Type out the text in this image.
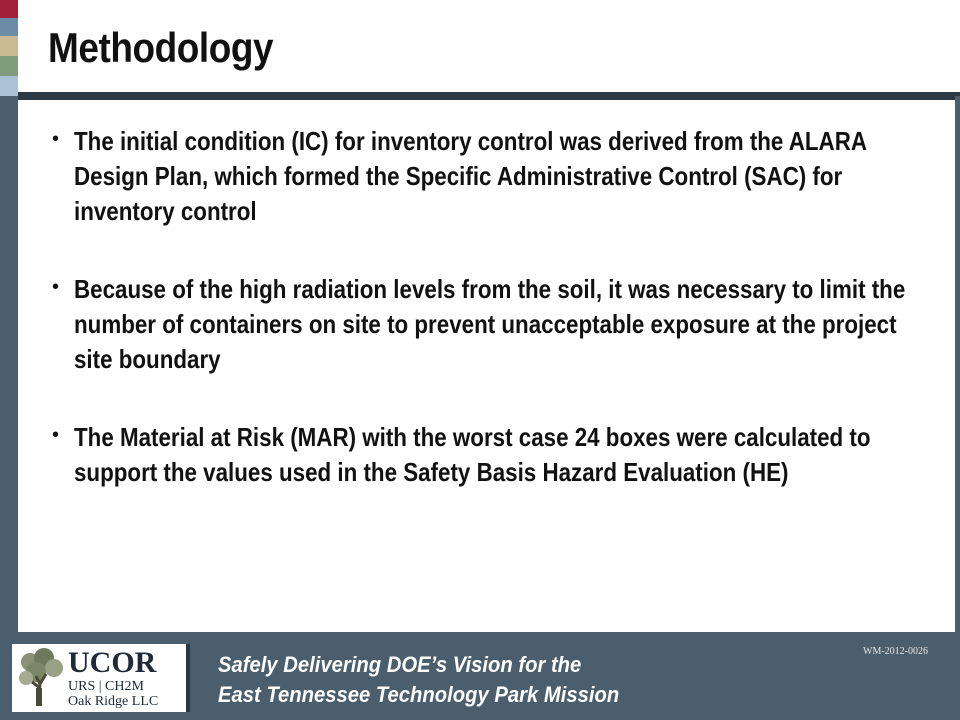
Methodology
• The initial condition (IC) for inventory control was derived from the ALARA Design Plan, which formed the Specific Administrative Control (SAC) for inventory control
• Because of the high radiation levels from the soil, it was necessary to limit the number of containers on site to prevent unacceptable exposure at the project site boundary
• The Material at Risk (MAR) with the worst case 24 boxes were calculated to support the values used in the Safety Basis Hazard Evaluation (HE)
UCOR
URS | CH2M
Oak Ridge LLC
Safely Delivering DOE’s Vision for the
East Tennessee Technology Park Mission
WM-2012-0026
